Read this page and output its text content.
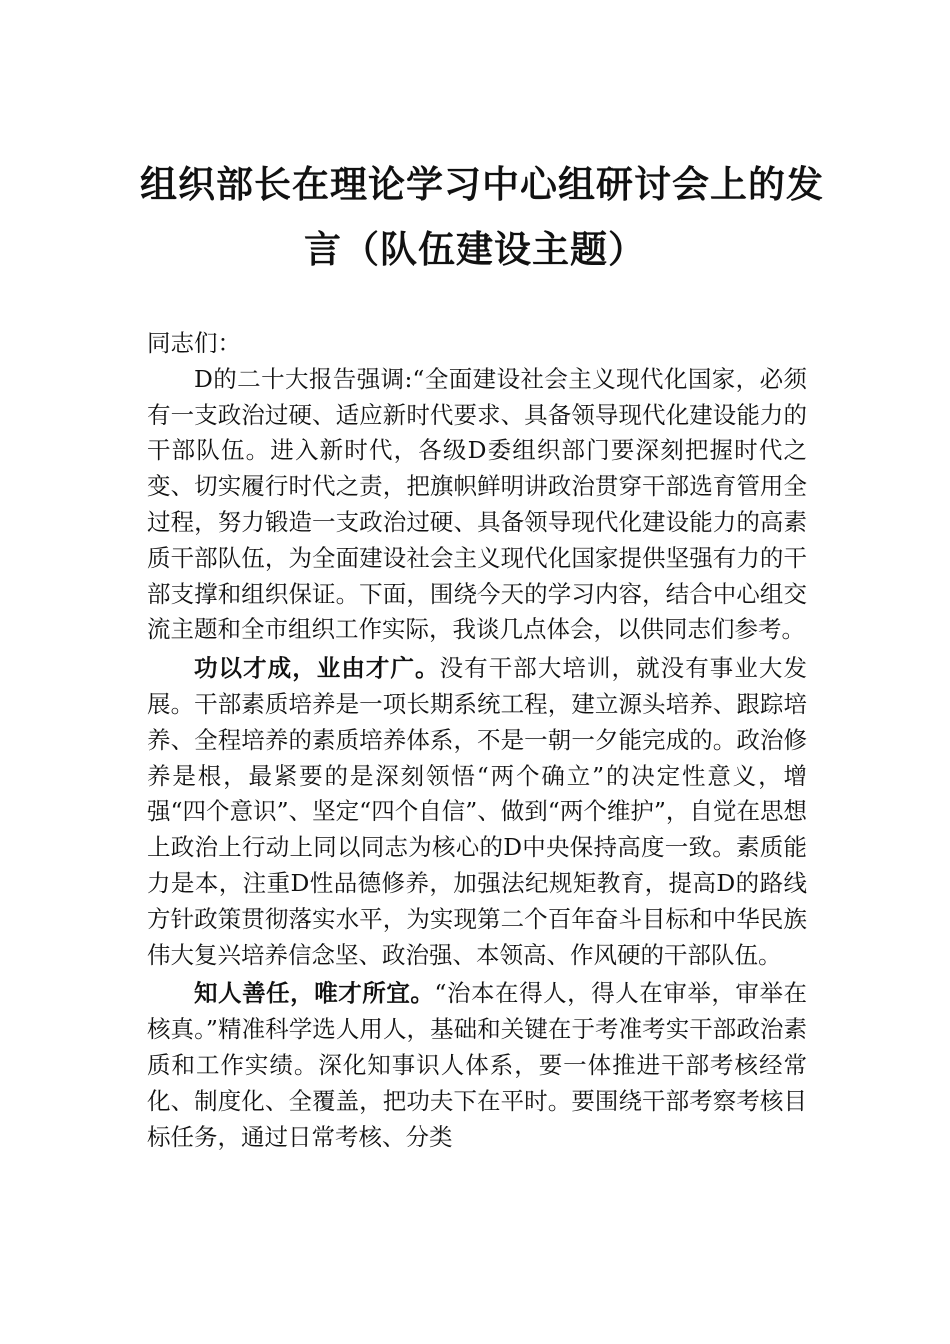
组织部长在理论学习中心组研讨会上的发
言（队伍建设主题）

同志们：

D的二十大报告强调:“全面建设社会主义现代化国家，必须有一支政治过硬、适应新时代要求、具备领导现代化建设能力的干部队伍。进入新时代，各级D委组织部门要深刻把握时代之变、切实履行时代之责，把旗帜鲜明讲政治贯穿干部选育管用全过程，努力锻造一支政治过硬、具备领导现代化建设能力的高素质干部队伍，为全面建设社会主义现代化国家提供坚强有力的干部支撑和组织保证。下面，围绕今天的学习内容，结合中心组交流主题和全市组织工作实际，我谈几点体会，以供同志们参考。

功以才成，业由才广。没有干部大培训，就没有事业大发展。干部素质培养是一项长期系统工程，建立源头培养、跟踪培养、全程培养的素质培养体系，不是一朝一夕能完成的。政治修养是根，最紧要的是深刻领悟“两个确立”的决定性意义，增强“四个意识”、坚定“四个自信”、做到“两个维护”，自觉在思想上政治上行动上同以同志为核心的D中央保持高度一致。素质能力是本，注重D性品德修养，加强法纪规矩教育，提高D的路线方针政策贯彻落实水平，为实现第二个百年奋斗目标和中华民族伟大复兴培养信念坚、政治强、本领高、作风硬的干部队伍。

知人善任，唯才所宜。“治本在得人，得人在审举，审举在核真。”精准科学选人用人，基础和关键在于考准考实干部政治素质和工作实绩。深化知事识人体系，要一体推进干部考核经常化、制度化、全覆盖，把功夫下在平时。要围绕干部考察考核目标任务，通过日常考核、分类
